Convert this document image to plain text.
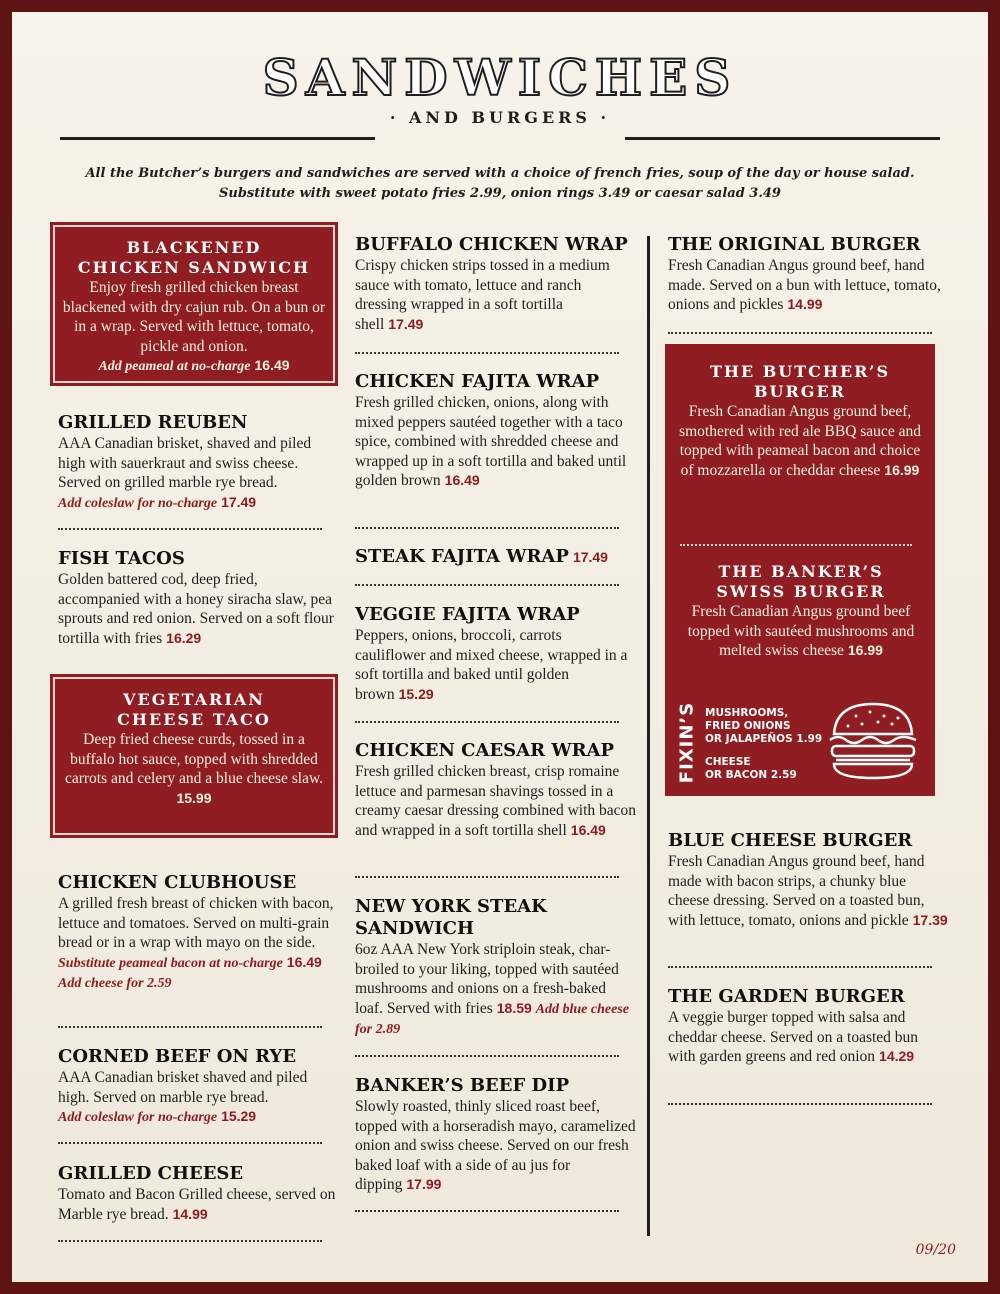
SANDWICHES
· AND BURGERS ·
All the Butcher’s burgers and sandwiches are served with a choice of french fries, soup of the day or house salad.
Substitute with sweet potato fries 2.99, onion rings 3.49 or caesar salad 3.49
BLACKENED
CHICKEN SANDWICH
Enjoy fresh grilled chicken breast blackened with dry cajun rub. On a bun or in a wrap. Served with lettuce, tomato, pickle and onion.
Add peameal at no-charge 16.49
GRILLED REUBEN
AAA Canadian brisket, shaved and piled high with sauerkraut and swiss cheese. Served on grilled marble rye bread.
Add coleslaw for no-charge 17.49
FISH TACOS
Golden battered cod, deep fried, accompanied with a honey siracha slaw, pea sprouts and red onion. Served on a soft flour tortilla with fries 16.29
VEGETARIAN
CHEESE TACO
Deep fried cheese curds, tossed in a buffalo hot sauce, topped with shredded carrots and celery and a blue cheese slaw.
15.99
CHICKEN CLUBHOUSE
A grilled fresh breast of chicken with bacon, lettuce and tomatoes. Served on multi-grain bread or in a wrap with mayo on the side. Substitute peameal bacon at no-charge 16.49
Add cheese for 2.59
CORNED BEEF ON RYE
AAA Canadian brisket shaved and piled high. Served on marble rye bread.
Add coleslaw for no-charge 15.29
GRILLED CHEESE
Tomato and Bacon Grilled cheese, served on Marble rye bread. 14.99
BUFFALO CHICKEN WRAP
Crispy chicken strips tossed in a medium sauce with tomato, lettuce and ranch dressing wrapped in a soft tortilla shell 17.49
CHICKEN FAJITA WRAP
Fresh grilled chicken, onions, along with mixed peppers sautéed together with a taco spice, combined with shredded cheese and wrapped up in a soft tortilla and baked until golden brown 16.49
STEAK FAJITA WRAP 17.49
VEGGIE FAJITA WRAP
Peppers, onions, broccoli, carrots cauliflower and mixed cheese, wrapped in a soft tortilla and baked until golden brown 15.29
CHICKEN CAESAR WRAP
Fresh grilled chicken breast, crisp romaine lettuce and parmesan shavings tossed in a creamy caesar dressing combined with bacon and wrapped in a soft tortilla shell 16.49
NEW YORK STEAK
SANDWICH
6oz AAA New York striploin steak, char-broiled to your liking, topped with sautéed mushrooms and onions on a fresh-baked loaf. Served with fries 18.59 Add blue cheese for 2.89
BANKER’S BEEF DIP
Slowly roasted, thinly sliced roast beef, topped with a horseradish mayo, caramelized onion and swiss cheese. Served on our fresh baked loaf with a side of au jus for dipping 17.99
THE ORIGINAL BURGER
Fresh Canadian Angus ground beef, hand made. Served on a bun with lettuce, tomato, onions and pickles 14.99
THE BUTCHER’S
BURGER
Fresh Canadian Angus ground beef, smothered with red ale BBQ sauce and topped with peameal bacon and choice of mozzarella or cheddar cheese 16.99
THE BANKER’S
SWISS BURGER
Fresh Canadian Angus ground beef topped with sautéed mushrooms and melted swiss cheese 16.99
FIXIN’S MUSHROOMS,
FRIED ONIONS
OR JALAPEÑOS 1.99
CHEESE
OR BACON 2.59
BLUE CHEESE BURGER
Fresh Canadian Angus ground beef, hand made with bacon strips, a chunky blue cheese dressing. Served on a toasted bun, with lettuce, tomato, onions and pickle 17.39
THE GARDEN BURGER
A veggie burger topped with salsa and cheddar cheese. Served on a toasted bun with garden greens and red onion 14.29
09/20
